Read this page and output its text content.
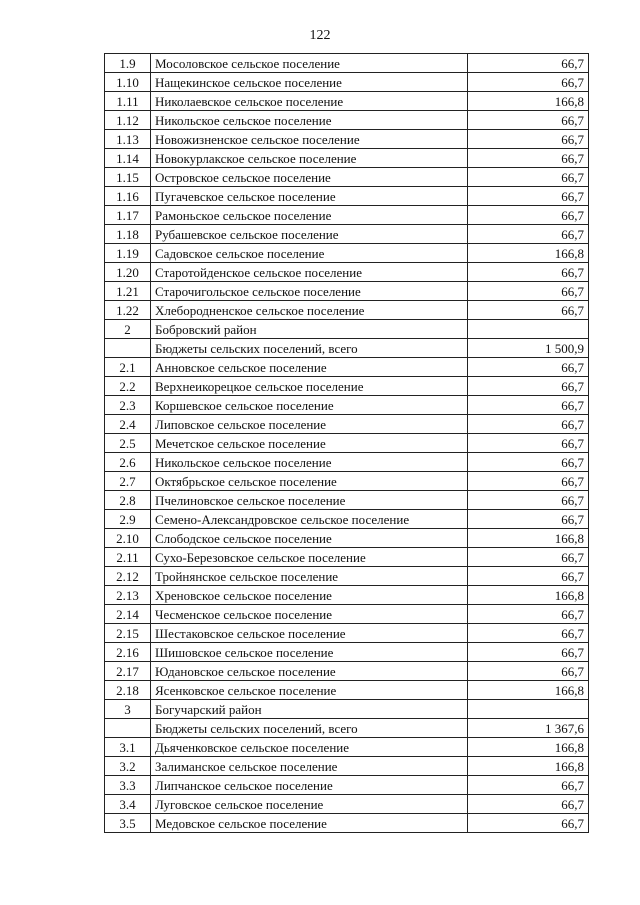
122
1.9	Мосоловское сельское поселение	66,7
1.10	Нащекинское сельское поселение	66,7
1.11	Николаевское сельское поселение	166,8
1.12	Никольское сельское поселение	66,7
1.13	Новожизненское сельское поселение	66,7
1.14	Новокурлакское сельское поселение	66,7
1.15	Островское сельское поселение	66,7
1.16	Пугачевское сельское поселение	66,7
1.17	Рамоньское сельское поселение	66,7
1.18	Рубашевское сельское поселение	66,7
1.19	Садовское сельское поселение	166,8
1.20	Старотойденское сельское поселение	66,7
1.21	Старочигольское сельское поселение	66,7
1.22	Хлебородненское сельское поселение	66,7
2	Бобровский район	
	Бюджеты сельских поселений, всего	1 500,9
2.1	Анновское сельское поселение	66,7
2.2	Верхнеикорецкое сельское поселение	66,7
2.3	Коршевское сельское поселение	66,7
2.4	Липовское сельское поселение	66,7
2.5	Мечетское сельское поселение	66,7
2.6	Никольское сельское поселение	66,7
2.7	Октябрьское сельское поселение	66,7
2.8	Пчелиновское сельское поселение	66,7
2.9	Семено-Александровское сельское поселение	66,7
2.10	Слободское сельское поселение	166,8
2.11	Сухо-Березовское сельское поселение	66,7
2.12	Тройнянское сельское поселение	66,7
2.13	Хреновское сельское поселение	166,8
2.14	Чесменское сельское поселение	66,7
2.15	Шестаковское сельское поселение	66,7
2.16	Шишовское сельское поселение	66,7
2.17	Юдановское сельское поселение	66,7
2.18	Ясенковское сельское поселение	166,8
3	Богучарский район	
	Бюджеты сельских поселений, всего	1 367,6
3.1	Дьяченковское сельское поселение	166,8
3.2	Залиманское сельское поселение	166,8
3.3	Липчанское сельское поселение	66,7
3.4	Луговское сельское поселение	66,7
3.5	Медовское сельское поселение	66,7
